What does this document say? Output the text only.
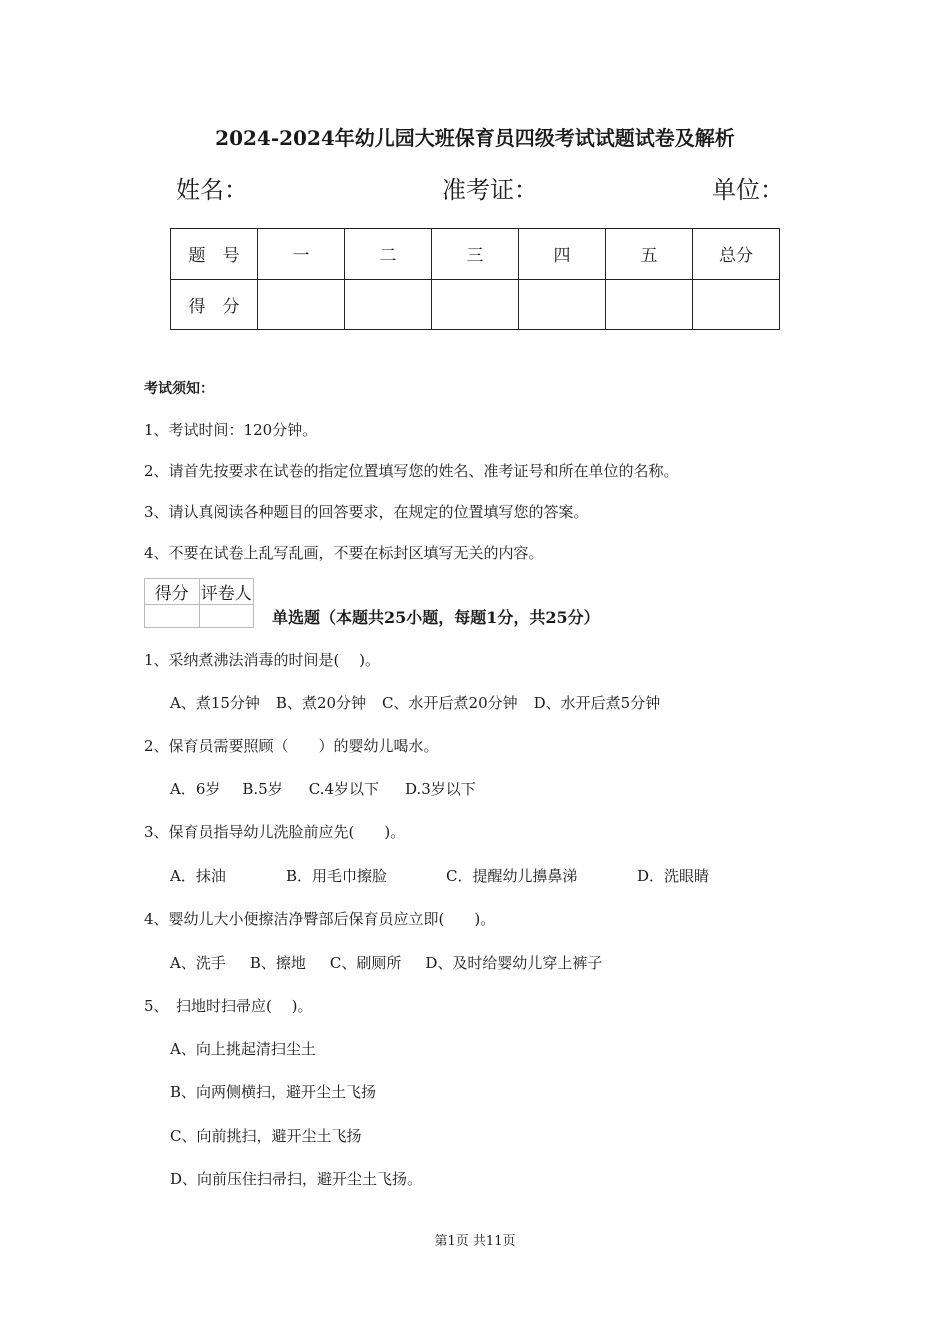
2024-2024年幼儿园大班保育员四级考试试题试卷及解析
姓名：	准考证：	单位：
题　号	一	二	三	四	五	总分
得　分						
考试须知：
1、考试时间：120分钟。
2、请首先按要求在试卷的指定位置填写您的姓名、准考证号和所在单位的名称。
3、请认真阅读各种题目的回答要求，在规定的位置填写您的答案。
4、不要在试卷上乱写乱画，不要在标封区填写无关的内容。
得分	评卷人

单选题（本题共25小题，每题1分，共25分）
1、采纳煮沸法消毒的时间是(　 )。
A、煮15分钟 B、煮20分钟 C、水开后煮20分钟 D、水开后煮5分钟
2、保育员需要照顾（　　）的婴幼儿喝水。
A．6岁 B.5岁 C.4岁以下 D.3岁以下
3、保育员指导幼儿洗脸前应先(　　)。
A．抹油	B．用毛巾擦脸	C．提醒幼儿擤鼻涕	D．洗眼睛
4、婴幼儿大小便擦洁净臀部后保育员应立即(　　)。
A、洗手 B、擦地 C、刷厕所 D、及时给婴幼儿穿上裤子
5、　扫地时扫帚应(　 )。
A、向上挑起清扫尘土
B、向两侧横扫，避开尘土飞扬
C、向前挑扫，避开尘土飞扬
D、向前压住扫帚扫，避开尘土飞扬。
第1页 共11页
